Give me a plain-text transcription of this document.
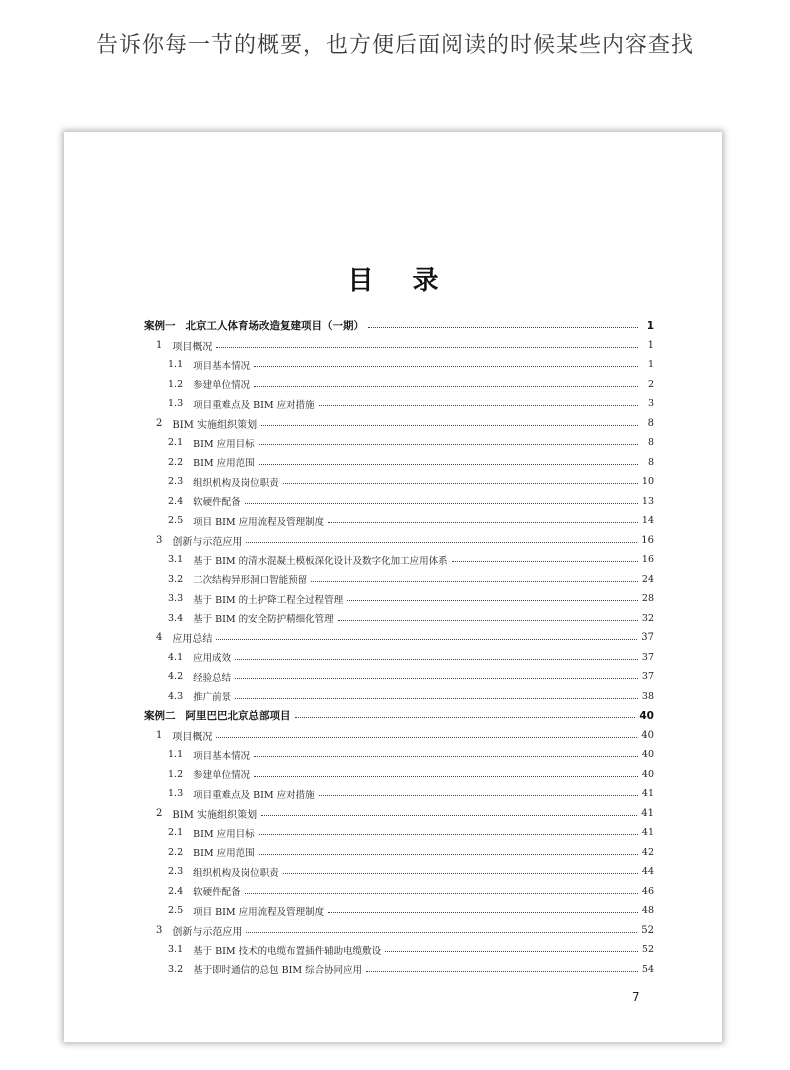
告诉你每一节的概要，也方便后面阅读的时候某些内容查找
目 录
案例一 北京工人体育场改造复建项目（一期）	1
1 项目概况	1
1.1 项目基本情况	1
1.2 参建单位情况	2
1.3 项目重难点及 BIM 应对措施	3
2 BIM 实施组织策划	8
2.1 BIM 应用目标	8
2.2 BIM 应用范围	8
2.3 组织机构及岗位职责	10
2.4 软硬件配备	13
2.5 项目 BIM 应用流程及管理制度	14
3 创新与示范应用	16
3.1 基于 BIM 的清水混凝土模板深化设计及数字化加工应用体系	16
3.2 二次结构异形洞口智能预留	24
3.3 基于 BIM 的土护降工程全过程管理	28
3.4 基于 BIM 的安全防护精细化管理	32
4 应用总结	37
4.1 应用成效	37
4.2 经验总结	37
4.3 推广前景	38
案例二 阿里巴巴北京总部项目	40
1 项目概况	40
1.1 项目基本情况	40
1.2 参建单位情况	40
1.3 项目重难点及 BIM 应对措施	41
2 BIM 实施组织策划	41
2.1 BIM 应用目标	41
2.2 BIM 应用范围	42
2.3 组织机构及岗位职责	44
2.4 软硬件配备	46
2.5 项目 BIM 应用流程及管理制度	48
3 创新与示范应用	52
3.1 基于 BIM 技术的电缆布置插件辅助电缆敷设	52
3.2 基于即时通信的总包 BIM 综合协同应用	54
7
